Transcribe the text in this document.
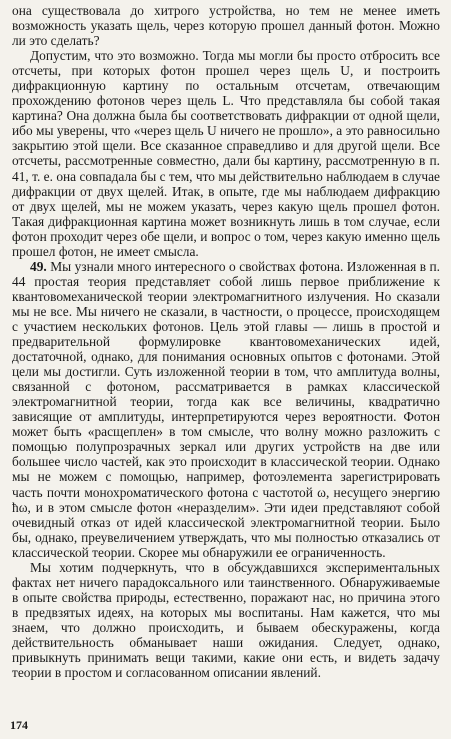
она существовала до хитрого устройства, но тем не менее иметь возможность указать щель, через которую прошел данный фотон. Можно ли это сделать?

Допустим, что это возможно. Тогда мы могли бы просто отбросить все отсчеты, при которых фотон прошел через щель U, и построить дифракционную картину по остальным отсчетам, отвечающим прохождению фотонов через щель L. Что представляла бы собой такая картина? Она должна была бы соответствовать дифракции от одной щели, ибо мы уверены, что «через щель U ничего не прошло», а это равносильно закрытию этой щели. Все сказанное справедливо и для другой щели. Все отсчеты, рассмотренные совместно, дали бы картину, рассмотренную в п. 41, т. е. она совпадала бы с тем, что мы действительно наблюдаем в случае дифракции от двух щелей. Итак, в опыте, где мы наблюдаем дифракцию от двух щелей, мы не можем указать, через какую щель прошел фотон. Такая дифракционная картина может возникнуть лишь в том случае, если фотон проходит через обе щели, и вопрос о том, через какую именно щель прошел фотон, не имеет смысла.

49. Мы узнали много интересного о свойствах фотона. Изложенная в п. 44 простая теория представляет собой лишь первое приближение к квантовомеханической теории электромагнитного излучения. Но сказали мы не все. Мы ничего не сказали, в частности, о процессе, происходящем с участием нескольких фотонов. Цель этой главы — лишь в простой и предварительной формулировке квантовомеханических идей, достаточной, однако, для понимания основных опытов с фотонами. Этой цели мы достигли. Суть изложенной теории в том, что амплитуда волны, связанной с фотоном, рассматривается в рамках классической электромагнитной теории, тогда как все величины, квадратично зависящие от амплитуды, интерпретируются через вероятности. Фотон может быть «расщеплен» в том смысле, что волну можно разложить с помощью полупрозрачных зеркал или других устройств на две или большее число частей, как это происходит в классической теории. Однако мы не можем с помощью, например, фотоэлемента зарегистрировать часть почти монохроматического фотона с частотой ω, несущего энергию ħω, и в этом смысле фотон «неразделим». Эти идеи представляют собой очевидный отказ от идей классической электромагнитной теории. Было бы, однако, преувеличением утверждать, что мы полностью отказались от классической теории. Скорее мы обнаружили ее ограниченность.

Мы хотим подчеркнуть, что в обсуждавшихся экспериментальных фактах нет ничего парадоксального или таинственного. Обнаруживаемые в опыте свойства природы, естественно, поражают нас, но причина этого в предвзятых идеях, на которых мы воспитаны. Нам кажется, что мы знаем, что должно происходить, и бываем обескуражены, когда действительность обманывает наши ожидания. Следует, однако, привыкнуть принимать вещи такими, какие они есть, и видеть задачу теории в простом и согласованном описании явлений.

174
